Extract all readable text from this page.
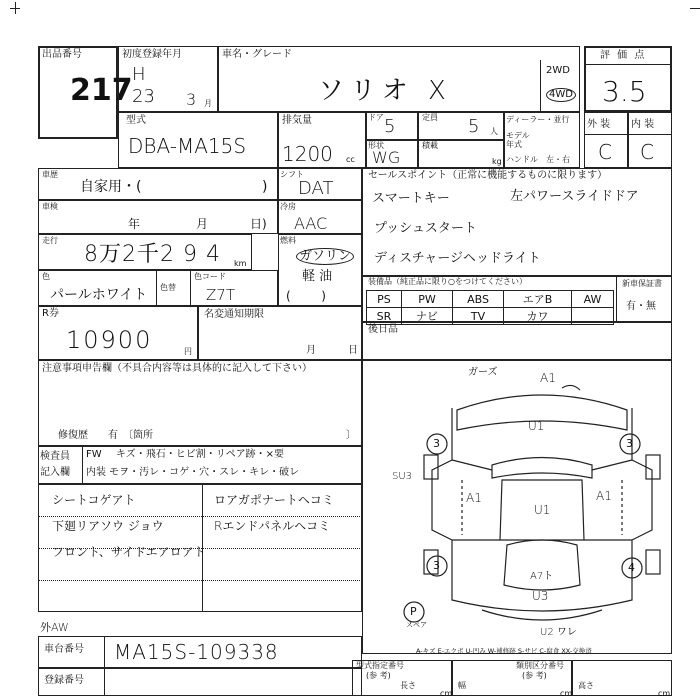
出品番号
217
初度登録年月
H
23 3 月
車名・グレード
ソリオ X
2WD
4WD
評 価 点
3.5
型式
DBA-MA15S
排気量
1200 cc
ドア 5	定員 5 人
ディーラー・並行
モデル
年式
ハンドル 左・右
形状
WG
積載
kg
外 装
C
内 装
C
車歴
自家用・(	)
シフト
DAT
車検
年	月	日)
冷房
AAC
走行
8万2千2 9 4 km
燃料
ガソリン
軽 油
(        )
色
パールホワイト 色替
色コード
Z7T
R券
10900	円
名変通知期限
月	日
セールスポイント（正常に機能するものに限ります）
スマートキー	左パワースライドドア
プッシュスタート
ディスチャージヘッドライト
装備品（純正品に限り○をつけてください）
PS	PW	ABS	エアB	AW
SR	ナビ	TV	カワ	
新車保証書
有・無
後日品
注意事項申告欄（不具合内容等は具体的に記入して下さい）
修復歴　　有　〔箇所	〕
検査員
記入欄
FW キズ・飛石・ヒビ割・リペア跡・×要
内装 モヲ・汚レ・コゲ・穴・スレ・キレ・破レ
シートコゲアト
下廻リアソウ ジョウ
フロント、サイドエアロアト
ロアガポナートヘコミ
Rエンドパネルヘコミ
外AW
ガーズ	A1
U1
SU3
A1
U1
A1
A7ト
U3
U2 ワレ
3	3
3	4
P
スペア
A-キズ E-エクボ U-凹み W-補修跡 S-サビ C-腐食 XX-交換済
車台番号 MA15S-109338
登録番号
型式指定番号
(参 考)
長さ
cm
類別区分番号
(参 考)
幅
cm
高さ
cm
